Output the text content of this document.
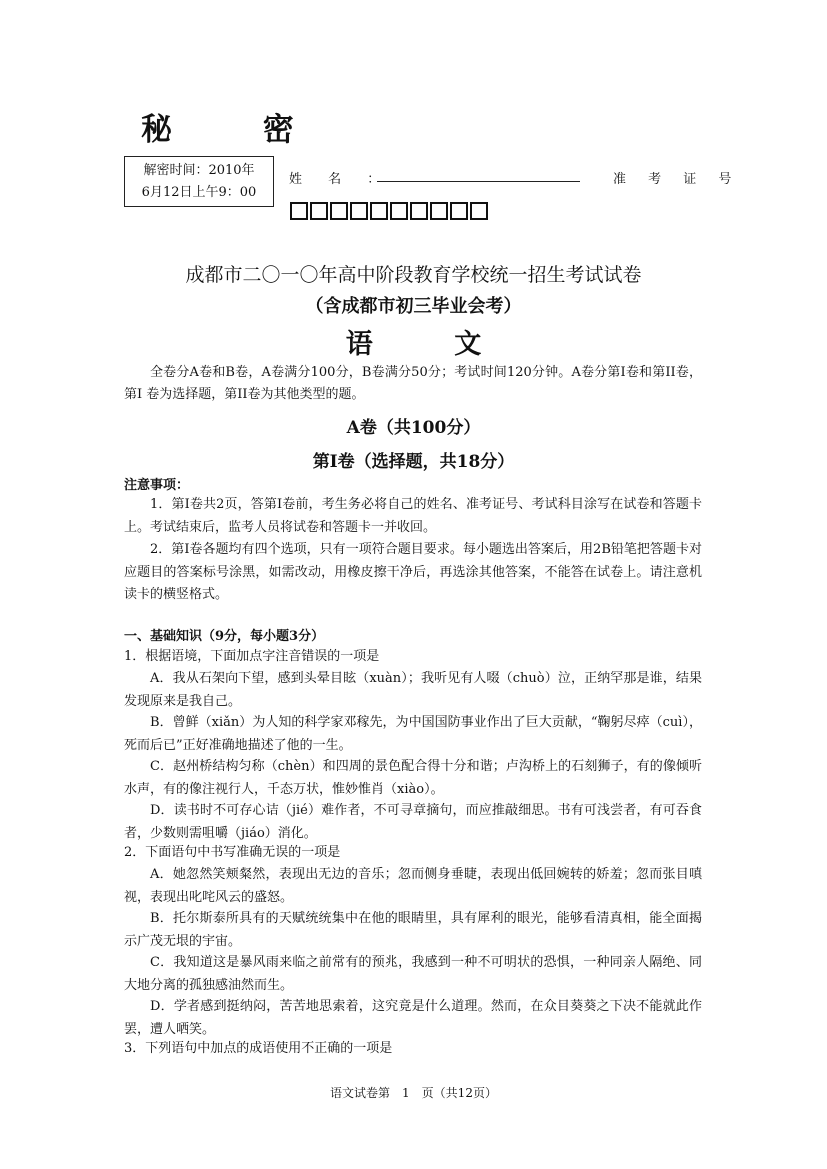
秘 密
解密时间：2010年
6月12日上午9：00
姓 名 ：	准 考 证 号
成都市二〇一〇年高中阶段教育学校统一招生考试试卷
（含成都市初三毕业会考）
语 文
全卷分A卷和B卷，A卷满分100分，B卷满分50分；考试时间120分钟。A卷分第I卷和第II卷，第I 卷为选择题，第II卷为其他类型的题。
A卷（共100分）
第I卷（选择题，共18分）
注意事项：
1．第I卷共2页，答第I卷前，考生务必将自己的姓名、准考证号、考试科目涂写在试卷和答题卡上。考试结束后，监考人员将试卷和答题卡一并收回。
2．第I卷各题均有四个选项，只有一项符合题目要求。每小题选出答案后，用2B铅笔把答题卡对应题目的答案标号涂黑，如需改动，用橡皮擦干净后，再选涂其他答案，不能答在试卷上。请注意机读卡的横竖格式。
一、基础知识（9分，每小题3分）
1．根据语境，下面加点字注音错误的一项是
A．我从石架向下望，感到头晕目眩（xuàn）；我听见有人啜（chuò）泣，正纳罕那是谁，结果发现原来是我自己。
B．曾鲜（xiǎn）为人知的科学家邓稼先，为中国国防事业作出了巨大贡献，“鞠躬尽瘁（cuì），死而后已”正好准确地描述了他的一生。
C．赵州桥结构匀称（chèn）和四周的景色配合得十分和谐；卢沟桥上的石刻狮子，有的像倾听水声，有的像注视行人，千态万状，惟妙惟肖（xiào）。
D．读书时不可存心诘（jié）难作者，不可寻章摘句，而应推敲细思。书有可浅尝者，有可吞食者，少数则需咀嚼（jiáo）消化。
2．下面语句中书写准确无误的一项是
A．她忽然笑颊粲然，表现出无边的音乐；忽而侧身垂睫，表现出低回婉转的娇羞；忽而张目嗔视，表现出叱咤风云的盛怒。
B．托尔斯泰所具有的天赋统统集中在他的眼睛里，具有犀利的眼光，能够看清真相，能全面揭示广茂无垠的宇宙。
C．我知道这是暴风雨来临之前常有的预兆，我感到一种不可明状的恐惧，一种同亲人隔绝、同大地分离的孤独感油然而生。
D．学者感到挺纳闷，苦苦地思索着，这究竟是什么道理。然而，在众目葵葵之下决不能就此作罢，遭人哂笑。
3．下列语句中加点的成语使用不正确的一项是
语文试卷第　1　页（共12页）
